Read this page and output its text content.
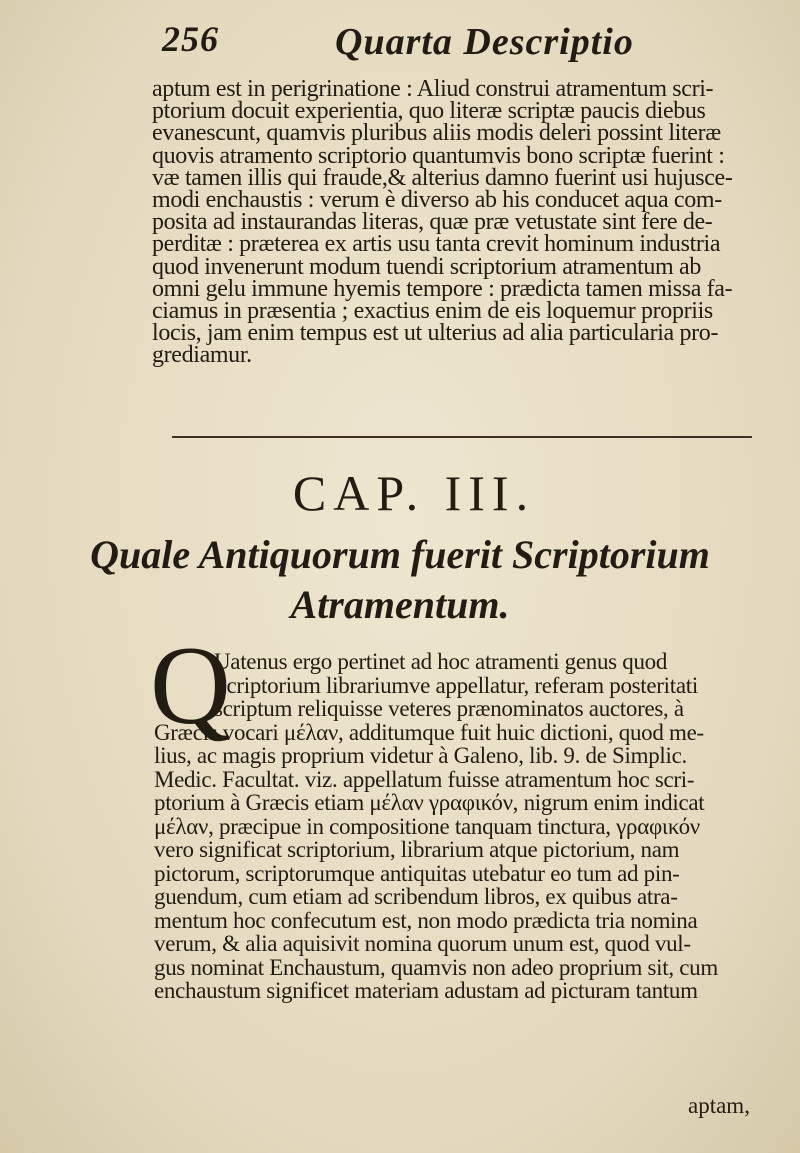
256	Quarta Descriptio
aptum est in perigrinatione : Aliud construi atramentum scri-
ptorium docuit experientia, quo literæ scriptæ paucis diebus
evanescunt, quamvis pluribus aliis modis deleri possint literæ
quovis atramento scriptorio quantumvis bono scriptæ fuerint :
væ tamen illis qui fraude,& alterius damno fuerint usi hujusce-
modi enchaustis : verum è diverso ab his conducet aqua com-
posita ad instaurandas literas, quæ præ vetustate sint fere de-
perditæ : præterea ex artis usu tanta crevit hominum industria
quod invenerunt modum tuendi scriptorium atramentum ab
omni gelu immune hyemis tempore : prædicta tamen missa fa-
ciamus in præsentia ; exactius enim de eis loquemur propriis
locis, jam enim tempus est ut ulterius ad alia particularia pro-
grediamur.
CAP. III.
Quale Antiquorum fuerit Scriptorium
Atramentum.
Q
Uatenus ergo pertinet ad hoc atramenti genus quod
Scriptorium librariumve appellatur, referam posteritati
scriptum reliquisse veteres prænominatos auctores, à
Græcis vocari μέλαν, additumque fuit huic dictioni, quod me-
lius, ac magis proprium videtur à Galeno, lib. 9. de Simplic.
Medic. Facultat. viz. appellatum fuisse atramentum hoc scri-
ptorium à Græcis etiam μέλαν γραφικόν, nigrum enim indicat
μέλαν, præcipue in compositione tanquam tinctura, γραφικόν
vero significat scriptorium, librarium atque pictorium, nam
pictorum, scriptorumque antiquitas utebatur eo tum ad pin-
guendum, cum etiam ad scribendum libros, ex quibus atra-
mentum hoc confecutum est, non modo prædicta tria nomina
verum, & alia aquisivit nomina quorum unum est, quod vul-
gus nominat Enchaustum, quamvis non adeo proprium sit, cum
enchaustum significet materiam adustam ad picturam tantum
aptam,
